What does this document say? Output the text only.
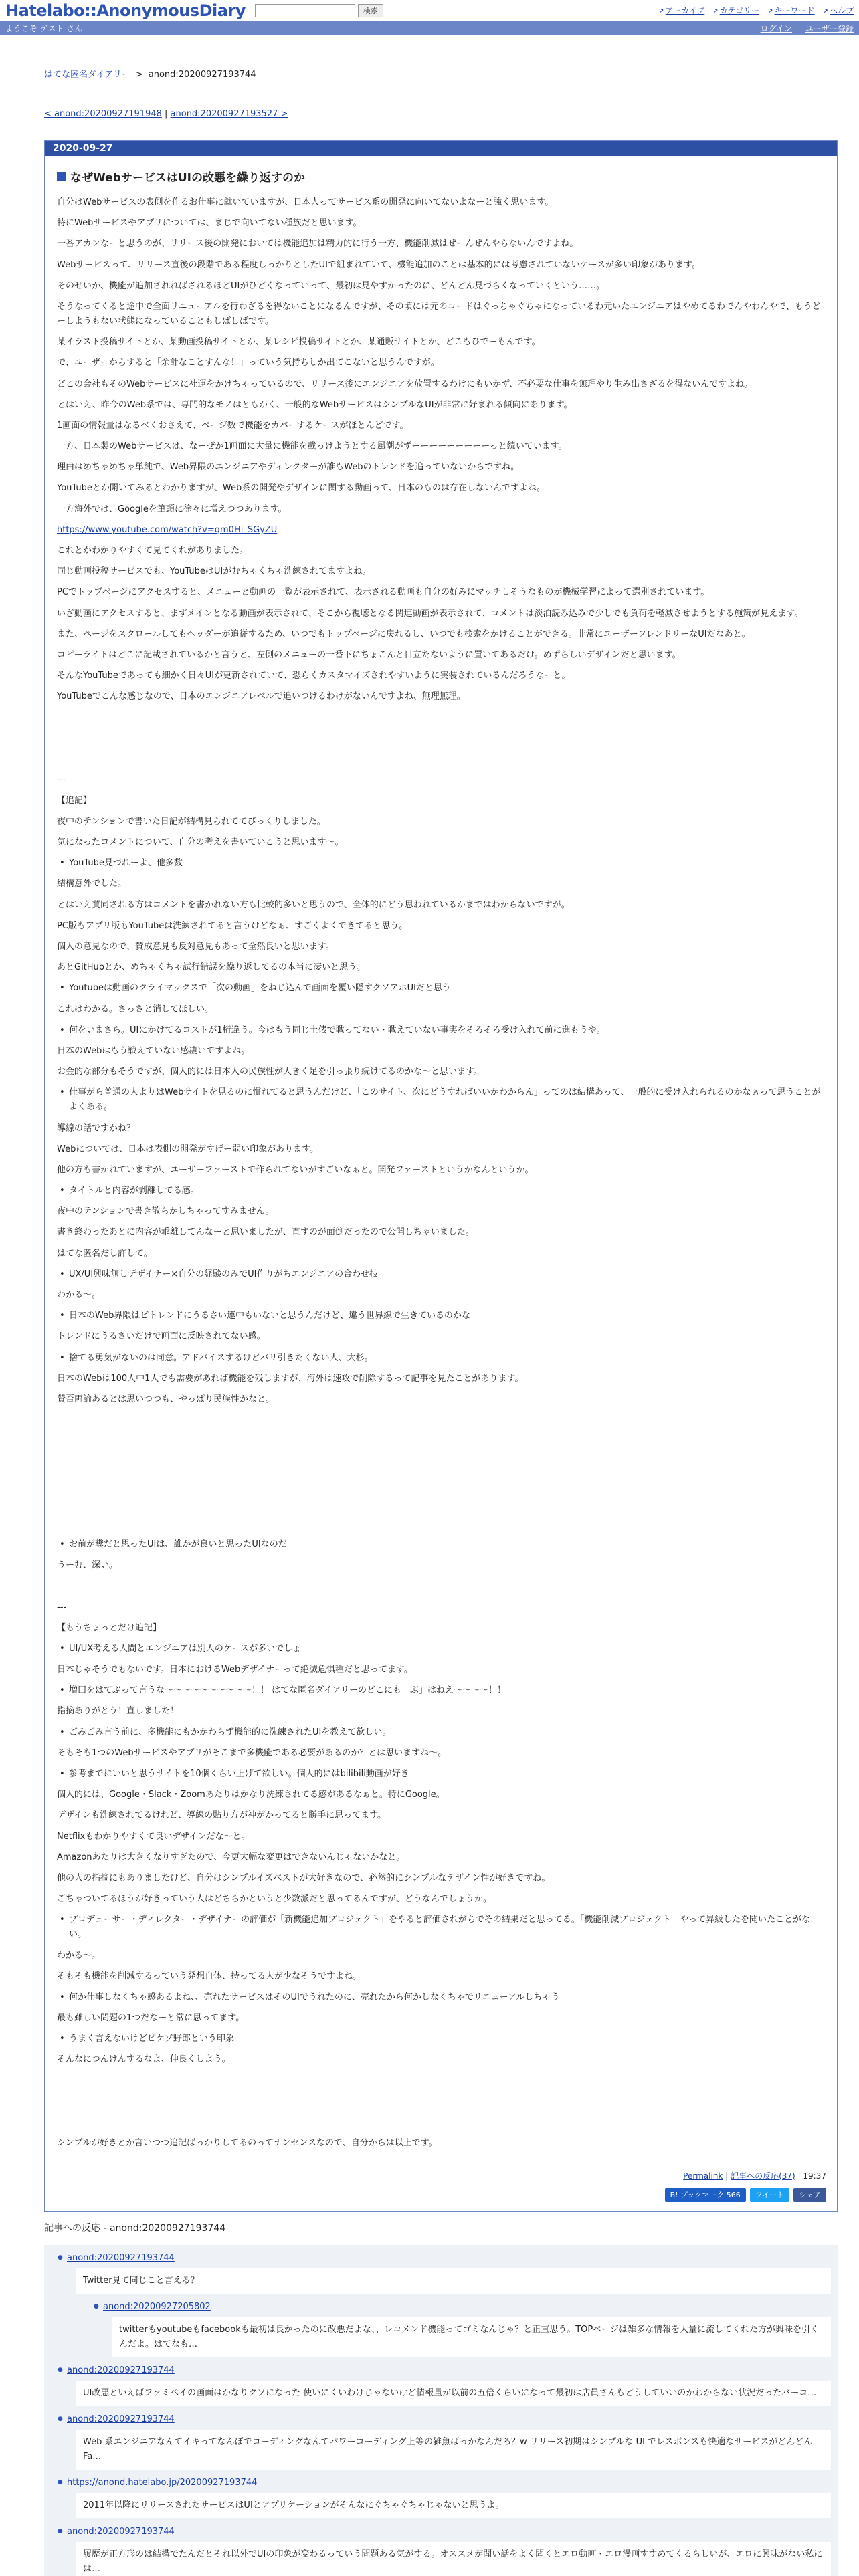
Hatelabo::AnonymousDiary	検索	↗ アーカイブ	↗ カテゴリー	↗ キーワード	↗ ヘルプ
ようこそ ゲスト さん	ログイン ユーザー登録
はてな匿名ダイアリー > anond:20200927193744
< anond:20200927191948 | anond:20200927193527 >
2020-09-27
なぜWebサービスはUIの改悪を繰り返すのか
自分はWebサービスの表側を作るお仕事に就いていますが、日本人ってサービス系の開発に向いてないよなーと強く思います。
特にWebサービスやアプリについては、まじで向いてない種族だと思います。
一番アカンなーと思うのが、リリース後の開発においては機能追加は精力的に行う一方、機能削減はぜーんぜんやらないんですよね。
Webサービスって、リリース直後の段階である程度しっかりとしたUIで組まれていて、機能追加のことは基本的には考慮されていないケースが多い印象があります。
そのせいか、機能が追加されればされるほどUIがひどくなっていって、最初は見やすかったのに、どんどん見づらくなっていくという……。
そうなってくると途中で全面リニューアルを行わざるを得ないことになるんですが、その頃には元のコードはぐっちゃぐちゃになっているわ元いたエンジニアはやめてるわでんやわんやで、もうどーしようもない状態になっていることもしばしばです。
某イラスト投稿サイトとか、某動画投稿サイトとか、某レシピ投稿サイトとか、某通販サイトとか、どこもひでーもんです。
で、ユーザーからすると「余計なことすんな！」っていう気持ちしか出てこないと思うんですが。
どこの会社もそのWebサービスに社運をかけちゃっているので、リリース後にエンジニアを放置するわけにもいかず、不必要な仕事を無理やり生み出さざるを得ないんですよね。
とはいえ、昨今のWeb系では、専門的なモノはともかく、一般的なWebサービスはシンプルなUIが非常に好まれる傾向にあります。
1画面の情報量はなるべくおさえて、ページ数で機能をカバーするケースがほとんどです。
一方、日本製のWebサービスは、なーぜか1画面に大量に機能を載っけようとする風潮がずーーーーーーーーーっと続いています。
理由はめちゃめちゃ単純で、Web界隈のエンジニアやディレクターが誰もWebのトレンドを追っていないからですね。
YouTubeとか開いてみるとわかりますが、Web系の開発やデザインに関する動画って、日本のものは存在しないんですよね。
一方海外では、Googleを筆頭に徐々に増えつつあります。
https://www.youtube.com/watch?v=qm0Hi_SGyZU
これとかわかりやすくて見てくれがありました。
同じ動画投稿サービスでも、YouTubeはUIがむちゃくちゃ洗練されてますよね。
PCでトップページにアクセスすると、メニューと動画の一覧が表示されて、表示される動画も自分の好みにマッチしそうなものが機械学習によって選別されています。
いざ動画にアクセスすると、まずメインとなる動画が表示されて、そこから視聴となる関連動画が表示されて、コメントは淡泊読み込みで少しでも負荷を軽減させようとする施策が見えます。
また、ページをスクロールしてもヘッダーが追従するため、いつでもトップページに戻れるし、いつでも検索をかけることができる。非常にユーザーフレンドリーなUIだなあと。
コピーライトはどこに記載されているかと言うと、左側のメニューの一番下にちょこんと目立たないように置いてあるだけ。めずらしいデザインだと思います。
そんなYouTubeであっても細かく日々UIが更新されていて、恐らくカスタマイズされやすいように実装されているんだろうなーと。
YouTubeでこんな感じなので、日本のエンジニアレベルで追いつけるわけがないんですよね、無理無理。
---
【追記】
夜中のテンションで書いた日記が結構見られててびっくりしました。
気になったコメントについて、自分の考えを書いていこうと思います〜。
• YouTube見づれーよ、他多数
結構意外でした。
とはいえ賛同される方はコメントを書かれない方も比較的多いと思うので、全体的にどう思われているかまではわからないですが。
PC版もアプリ版もYouTubeは洗練されてると言うけどなぁ、すごくよくできてると思う。
個人の意見なので、賛成意見も反対意見もあって全然良いと思います。
あとGitHubとか、めちゃくちゃ試行錯誤を繰り返してるの本当に凄いと思う。
• Youtubeは動画のクライマックスで「次の動画」をねじ込んで画面を覆い隠すクソアホUIだと思う
これはわかる。さっさと消してほしい。
• 何をいまさら。UIにかけてるコストが1桁違う。今はもう同じ土俵で戦ってない・戦えていない事実をそろそろ受け入れて前に進もうや。
日本のWebはもう戦えていない感凄いですよね。
お金的な部分もそうですが、個人的には日本人の民族性が大きく足を引っ張り続けてるのかな〜と思います。
• 仕事がら普通の人よりはWebサイトを見るのに慣れてると思うんだけど、「このサイト、次にどうすればいいかわからん」ってのは結構あって、一般的に受け入れられるのかなぁって思うことがよくある。
導線の話ですかね？
Webについては、日本は表側の開発がすげー弱い印象があります。
他の方も書かれていますが、ユーザーファーストで作られてないがすごいなぁと。開発ファーストというかなんというか。
• タイトルと内容が剥離してる感。
夜中のテンションで書き散らかしちゃってすみません。
書き終わったあとに内容が乖離してんなーと思いましたが、直すのが面倒だったので公開しちゃいました。
はてな匿名だし許して。
• UX/UI興味無しデザイナー×自分の経験のみでUI作りがちエンジニアの合わせ技
わかる〜。
• 日本のWeb界隈はビトレンドにうるさい連中もいないと思うんだけど、違う世界線で生きているのかな
トレンドにうるさいだけで画面に反映されてない感。
• 捨てる勇気がないのは同意。アドバイスするけどバリ引きたくない人、大杉。
日本のWebは100人中1人でも需要があれば機能を残しますが、海外は速攻で削除するって記事を見たことがあります。
賛否両論あるとは思いつつも、やっぱり民族性かなと。
• お前が糞だと思ったUIは、誰かが良いと思ったUIなのだ
うーむ、深い。
---
【もうちょっとだけ追記】
• UI/UX考える人間とエンジニアは別人のケースが多いでしょ
日本じゃそうでもないです。日本におけるWebデザイナーって絶滅危惧種だと思ってます。
• 増田をはてぶって言うな〜〜〜〜〜〜〜〜〜〜！！ はてな匿名ダイアリーのどこにも「ぶ」はねえ〜〜〜〜！！
指摘ありがとう！直しました！
• ごみごみ言う前に、多機能にもかかわらず機能的に洗練されたUIを教えて欲しい。
そもそも1つのWebサービスやアプリがそこまで多機能である必要があるのか？とは思いますね〜。
• 参考までにいいと思うサイトを10個くらい上げて欲しい。個人的にはbilibili動画が好き
個人的には、Google・Slack・Zoomあたりはかなり洗練されてる感があるなぁと。特にGoogle。
デザインも洗練されてるけれど、導線の貼り方が神がかってると勝手に思ってます。
Netflixもわかりやすくて良いデザインだな〜と。
Amazonあたりは大きくなりすぎたので、今更大幅な変更はできないんじゃないかなと。
他の人の指摘にもありましたけど、自分はシンプルイズベストが大好きなので、必然的にシンプルなデザイン性が好きですね。
ごちゃついてるほうが好きっていう人はどちらかというと少数派だと思ってるんですが、どうなんでしょうか。
• プロデューサー・ディレクター・デザイナーの評価が「新機能追加プロジェクト」をやると評価されがちでその結果だと思ってる。「機能削減プロジェクト」やって昇級したを聞いたことがない。
わかる〜。
そもそも機能を削減するっていう発想自体、持ってる人が少なそうですよね。
• 何か仕事しなくちゃ感あるよね、、売れたサービスはそのUIでうれたのに、売れたから何かしなくちゃでリニューアルしちゃう
最も難しい問題の1つだなーと常に思ってます。
• うまく言えないけどピケゾ野郎という印象
そんなにつんけんするなよ、仲良くしよう。
シンプルが好きとか言いつつ追記ばっかりしてるのってナンセンスなので、自分からは以上です。
Permalink | 記事への反応(37) | 19:37
B! ブックマーク 566	ツイート	シェア
記事への反応 - anond:20200927193744
● anond:20200927193744
Twitter見て同じこと言える？
● anond:20200927205802
twitterもyoutubeもfacebookも最初は良かったのに改悪だよな、、レコメンド機能ってゴミなんじゃ？と正直思う。TOPページは雑多な情報を大量に流してくれた方が興味を引くんだよ。はてなも…
● anond:20200927193744
UI改悪といえばファミペイの画面はかなりクソになった 使いにくいわけじゃないけど情報量が以前の五倍くらいになって最初は店員さんもどうしていいのかわからない状況だったバーコ…
● anond:20200927193744
Web 系エンジニアなんてイキってなんぼでコーディングなんてパワーコーディング上等の雑魚ばっかなんだろ？w リリース初期はシンプルな UI でレスポンスも快適なサービスがどんどんFa…
● https://anond.hatelabo.jp/20200927193744
2011年以降にリリースされたサービスはUIとアプリケーションがそんなにぐちゃぐちゃじゃないと思うよ。
● anond:20200927193744
履歴が正方形のは結構でたんだとそれ以外でUIの印象が変わるっていう問題ある気がする。オススメが聞い話をよく聞くとエロ動画・エロ漫画すすめてくるらしいが、エロに興味がない私には…
